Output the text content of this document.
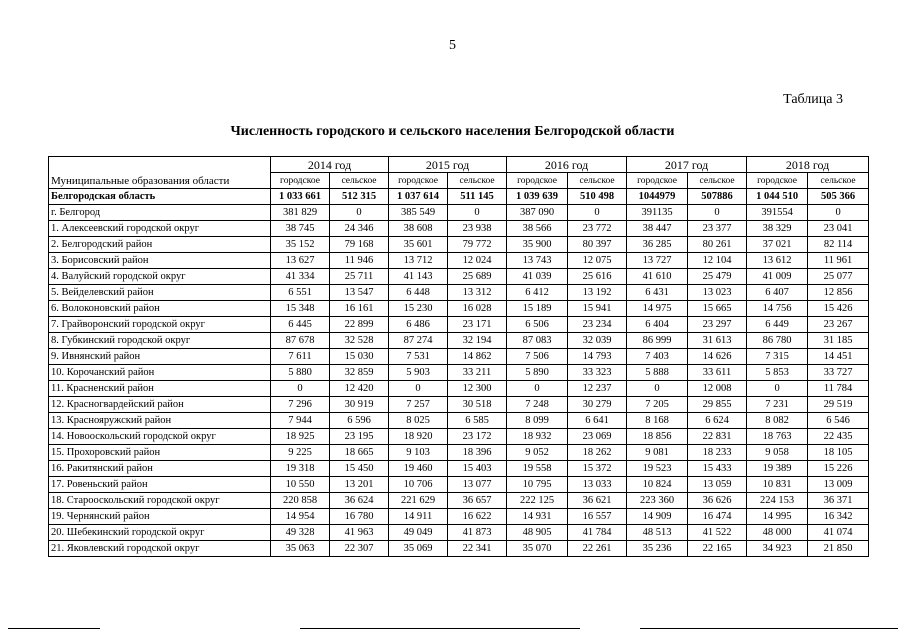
5
Таблица 3
Численность городского и сельского населения Белгородской области
Муниципальные образования области	2014 год		2015 год		2016 год		2017 год		2018 год	
	городское	сельское	городское	сельское	городское	сельское	городское	сельское	городское	сельское
Белгородская область	1 033 661	512 315	1 037 614	511 145	1 039 639	510 498	1044979	507886	1 044 510	505 366
г. Белгород	381 829	0	385 549	0	387 090	0	391135	0	391554	0
1. Алексеевский городской округ	38 745	24 346	38 608	23 938	38 566	23 772	38 447	23 377	38 329	23 041
2. Белгородский район	35 152	79 168	35 601	79 772	35 900	80 397	36 285	80 261	37 021	82 114
3. Борисовский район	13 627	11 946	13 712	12 024	13 743	12 075	13 727	12 104	13 612	11 961
4. Валуйский городской округ	41 334	25 711	41 143	25 689	41 039	25 616	41 610	25 479	41 009	25 077
5. Вейделевский район	6 551	13 547	6 448	13 312	6 412	13 192	6 431	13 023	6 407	12 856
6. Волоконовский район	15 348	16 161	15 230	16 028	15 189	15 941	14 975	15 665	14 756	15 426
7. Грайворонский городской округ	6 445	22 899	6 486	23 171	6 506	23 234	6 404	23 297	6 449	23 267
8. Губкинский городской округ	87 678	32 528	87 274	32 194	87 083	32 039	86 999	31 613	86 780	31 185
9. Ивнянский район	7 611	15 030	7 531	14 862	7 506	14 793	7 403	14 626	7 315	14 451
10. Корочанский район	5 880	32 859	5 903	33 211	5 890	33 323	5 888	33 611	5 853	33 727
11. Красненский район	0	12 420	0	12 300	0	12 237	0	12 008	0	11 784
12. Красногвардейский район	7 296	30 919	7 257	30 518	7 248	30 279	7 205	29 855	7 231	29 519
13. Краснояружский район	7 944	6 596	8 025	6 585	8 099	6 641	8 168	6 624	8 082	6 546
14. Новооскольский городской округ	18 925	23 195	18 920	23 172	18 932	23 069	18 856	22 831	18 763	22 435
15. Прохоровский район	9 225	18 665	9 103	18 396	9 052	18 262	9 081	18 233	9 058	18 105
16. Ракитянский район	19 318	15 450	19 460	15 403	19 558	15 372	19 523	15 433	19 389	15 226
17. Ровеньский район	10 550	13 201	10 706	13 077	10 795	13 033	10 824	13 059	10 831	13 009
18. Старооскольский городской округ	220 858	36 624	221 629	36 657	222 125	36 621	223 360	36 626	224 153	36 371
19. Чернянский район	14 954	16 780	14 911	16 622	14 931	16 557	14 909	16 474	14 995	16 342
20. Шебекинский городской округ	49 328	41 963	49 049	41 873	48 905	41 784	48 513	41 522	48 000	41 074
21. Яковлевский городской округ	35 063	22 307	35 069	22 341	35 070	22 261	35 236	22 165	34 923	21 850
